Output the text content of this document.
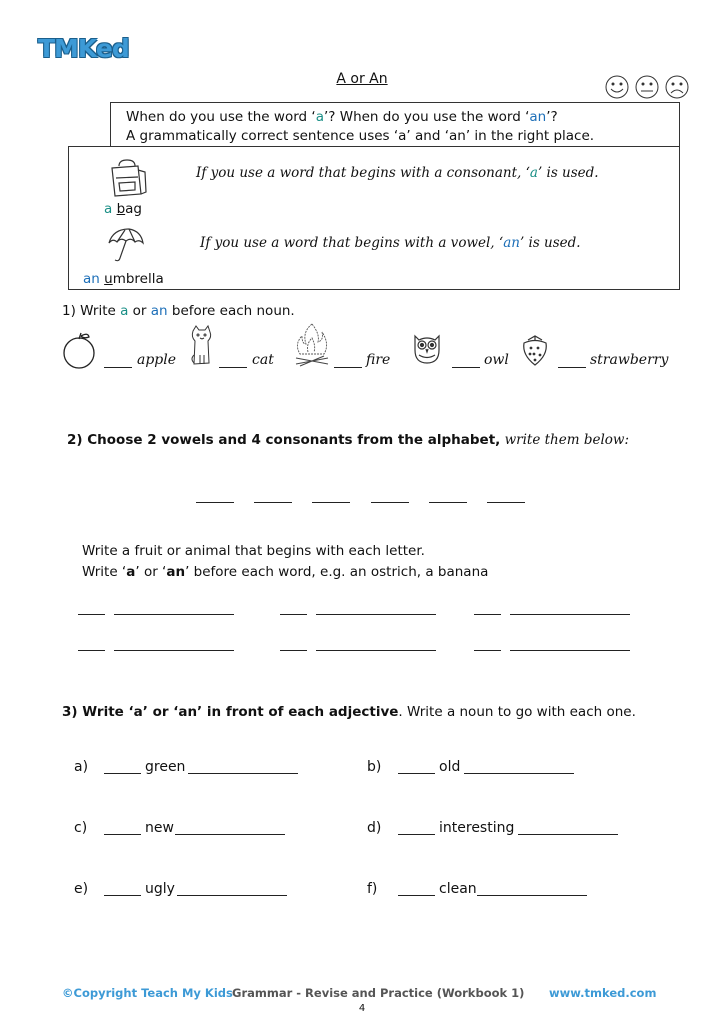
TMKed
A or An
When do you use the word ‘a’? When do you use the word ‘an’?
A grammatically correct sentence uses ‘a’ and ‘an’ in the right place.
a bag
If you use a word that begins with a consonant, ‘a’ is used.
an umbrella
If you use a word that begins with a vowel, ‘an’ is used.
1) Write a or an before each noun.
apple	cat	fire	owl	strawberry
2) Choose 2 vowels and 4 consonants from the alphabet, write them below:
Write a fruit or animal that begins with each letter.
Write ‘a’ or ‘an’ before each word, e.g. an ostrich, a banana
3) Write ‘a’ or ‘an’ in front of each adjective. Write a noun to go with each one.
a)	green	b)	old
c)	new	d)	interesting
e)	ugly	f)	clean
©Copyright Teach My Kids Grammar - Revise and Practice (Workbook 1) www.tmked.com
4
